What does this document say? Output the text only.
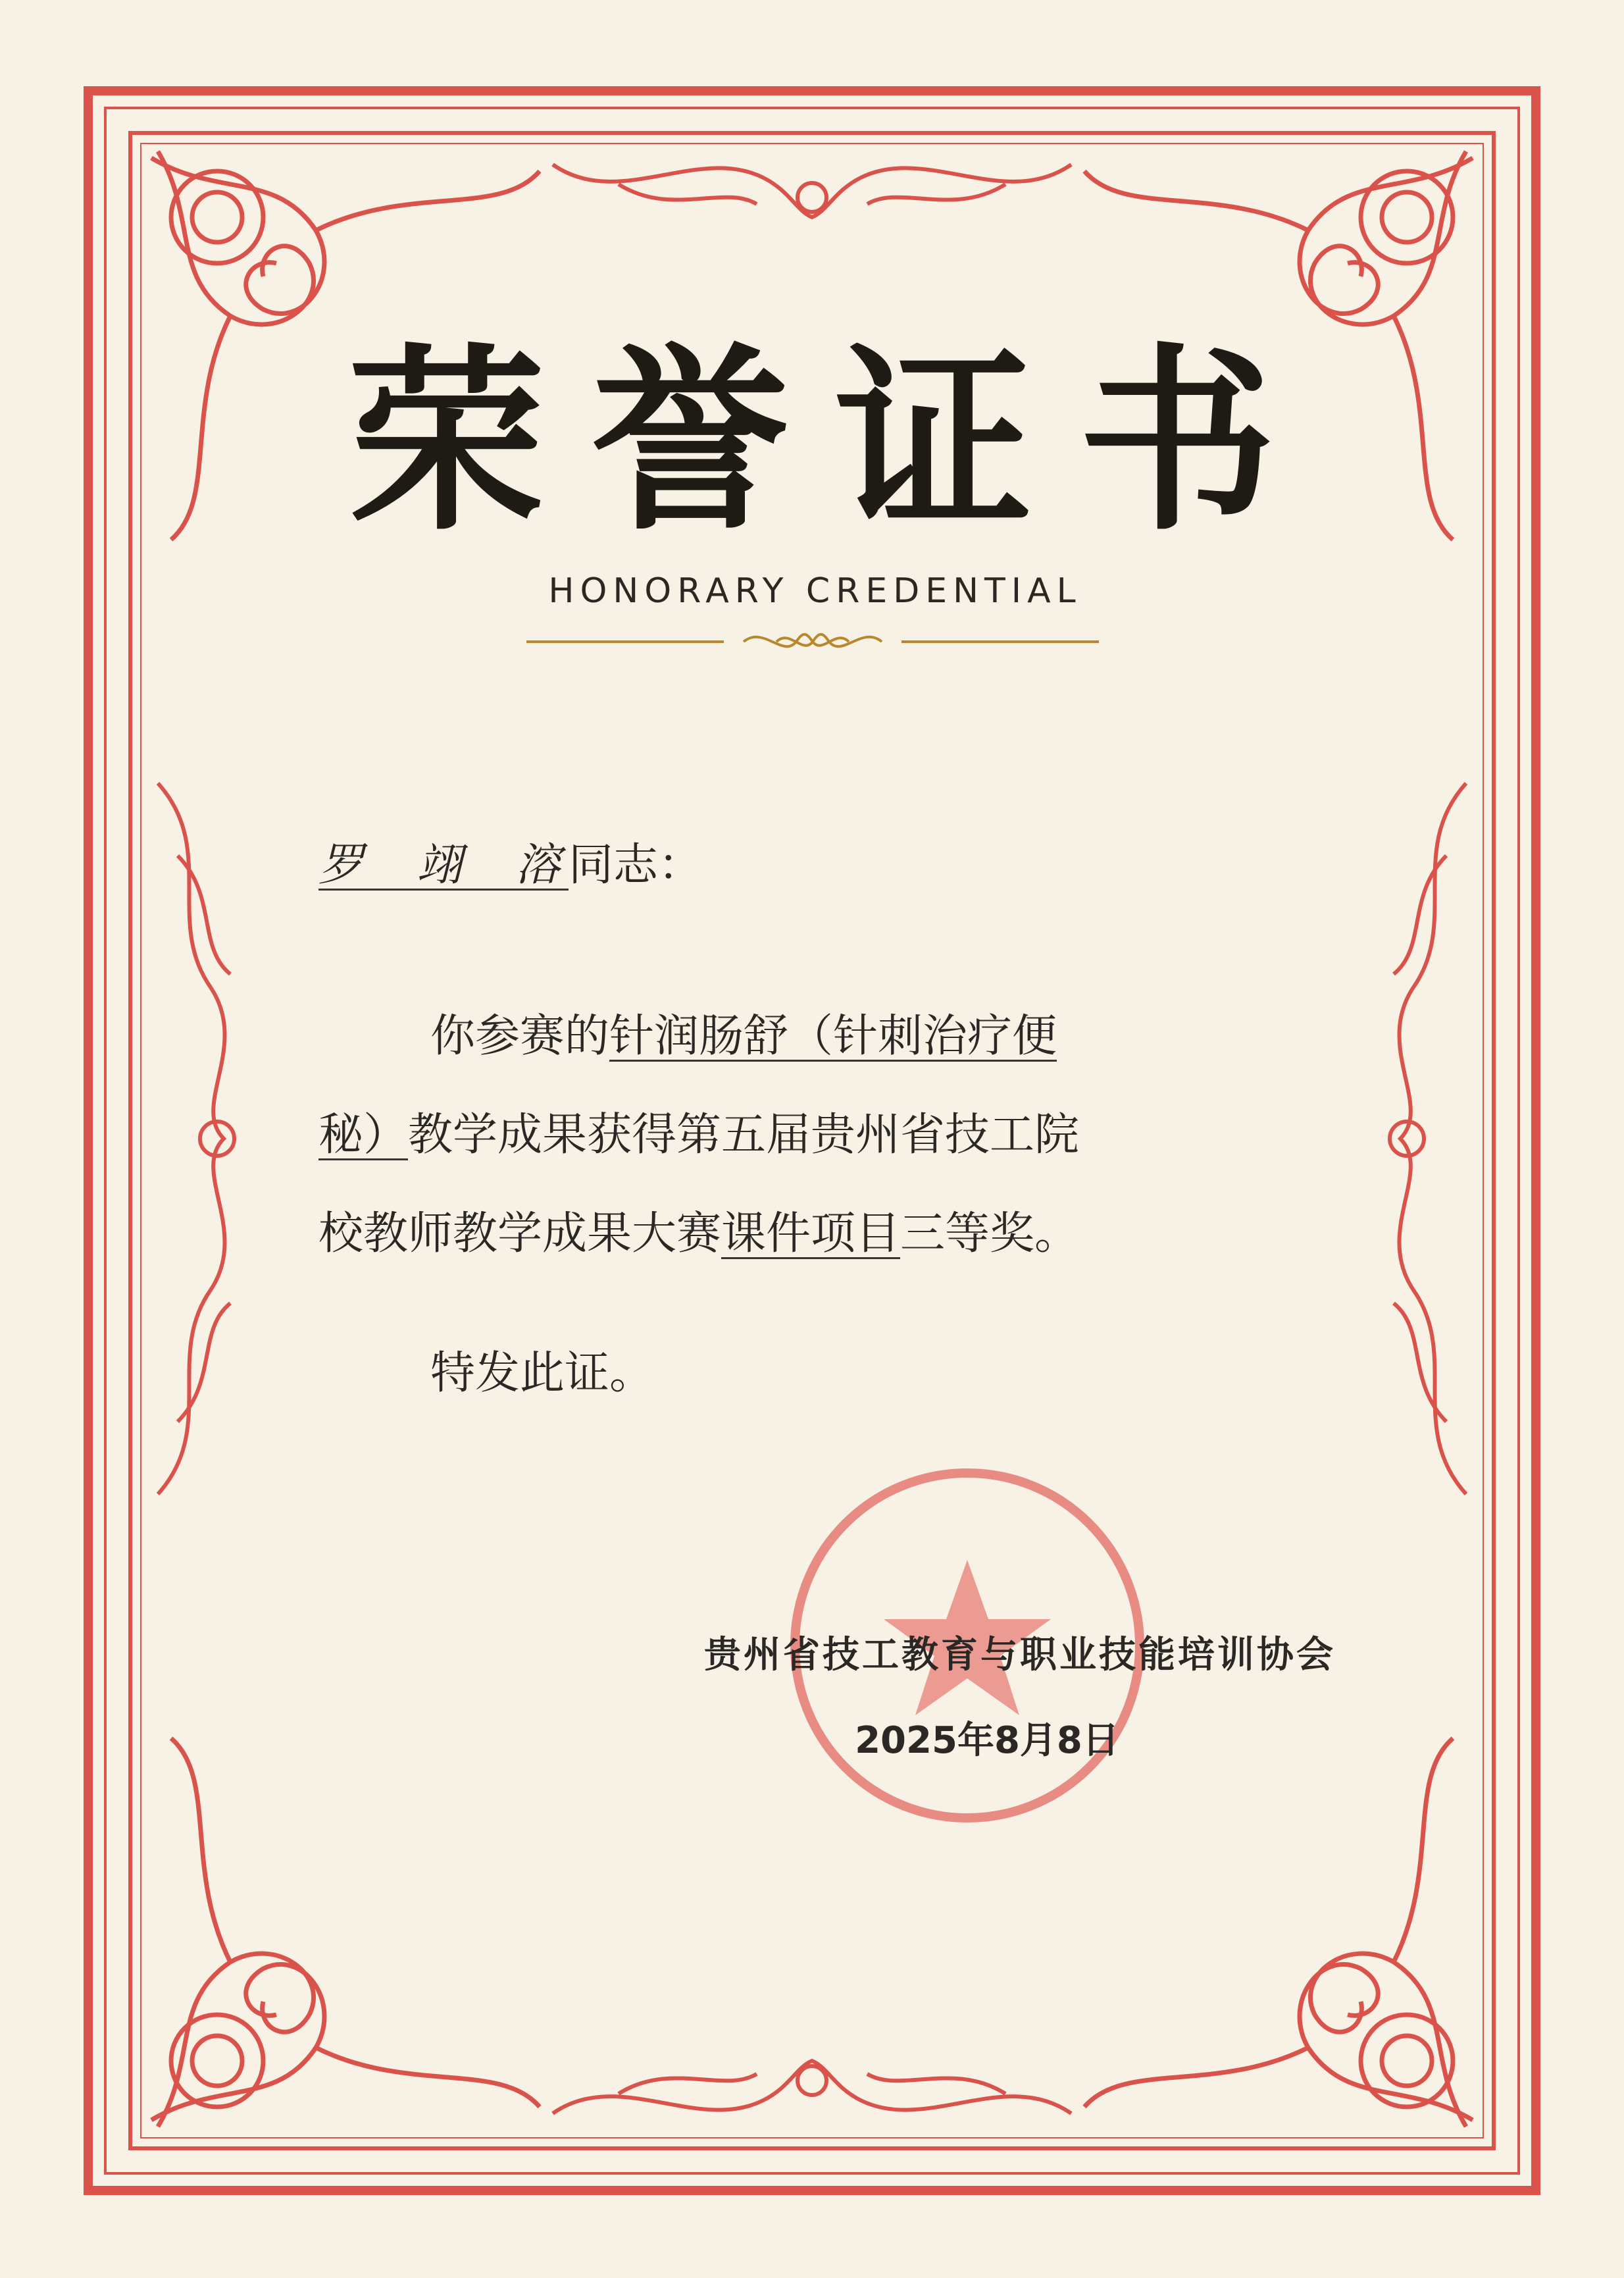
荣誉证书
HONORARY CREDENTIAL
罗 翊 溶同志：

你参赛的针润肠舒（针刺治疗便

秘）教学成果获得第五届贵州省技工院

校教师教学成果大赛课件项目三等奖。

特发此证。
贵州省技工教育与职业技能培训协会
2025年8月8日
